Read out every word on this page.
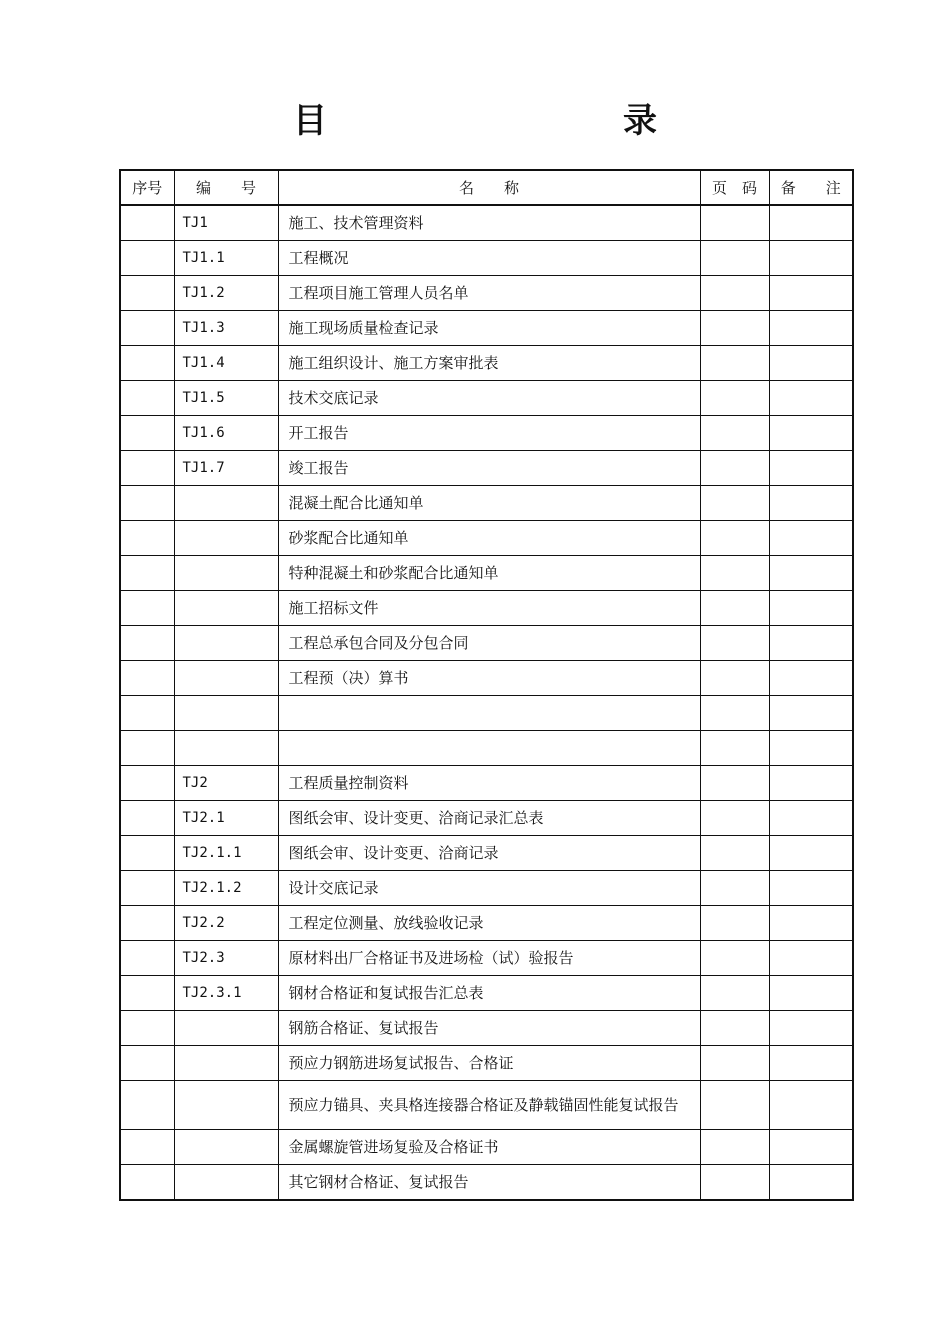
目　　录
序号	编　　号	名　　称	页　码	备　　注
	TJ1	施工、技术管理资料		
	TJ1.1	工程概况		
	TJ1.2	工程项目施工管理人员名单		
	TJ1.3	施工现场质量检查记录		
	TJ1.4	施工组织设计、施工方案审批表		
	TJ1.5	技术交底记录		
	TJ1.6	开工报告		
	TJ1.7	竣工报告		
		混凝土配合比通知单		
		砂浆配合比通知单		
		特种混凝土和砂浆配合比通知单		
		施工招标文件		
		工程总承包合同及分包合同		
		工程预（决）算书		

	TJ2	工程质量控制资料		
	TJ2.1	图纸会审、设计变更、洽商记录汇总表		
	TJ2.1.1	图纸会审、设计变更、洽商记录		
	TJ2.1.2	设计交底记录		
	TJ2.2	工程定位测量、放线验收记录		
	TJ2.3	原材料出厂合格证书及进场检（试）验报告		
	TJ2.3.1	钢材合格证和复试报告汇总表		
		钢筋合格证、复试报告		
		预应力钢筋进场复试报告、合格证		
		预应力锚具、夹具格连接器合格证及静载锚固性能复试报告		
		金属螺旋管进场复验及合格证书		
		其它钢材合格证、复试报告		
